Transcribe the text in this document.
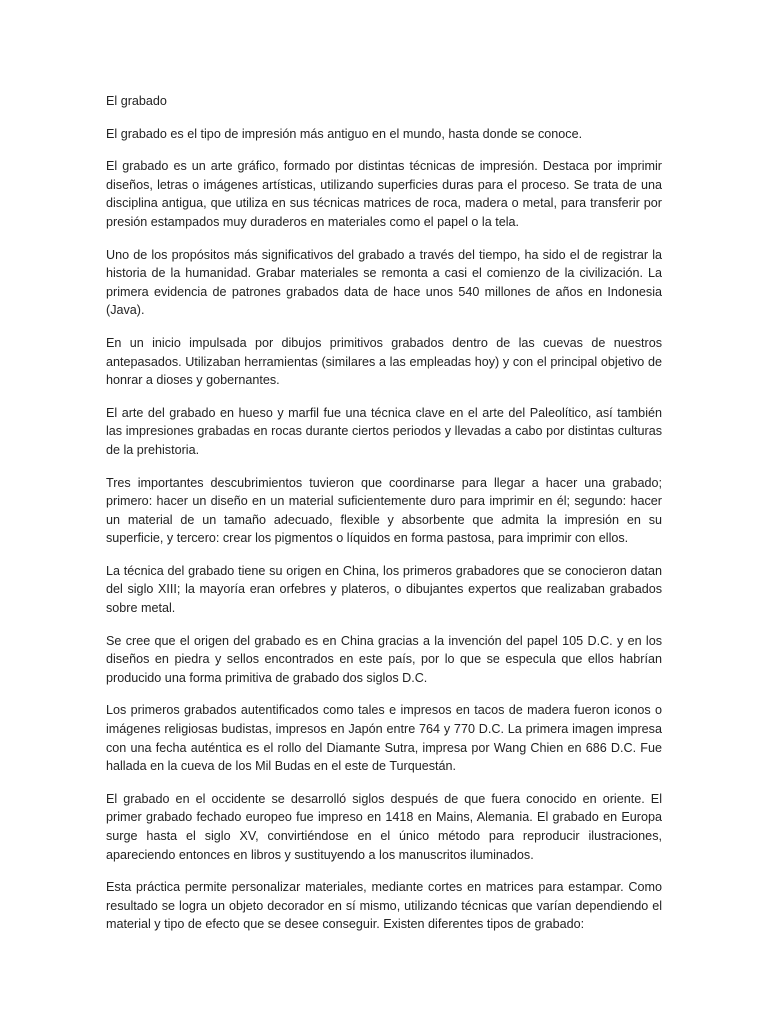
El grabado

El grabado es el tipo de impresión más antiguo en el mundo, hasta donde se conoce.

El grabado es un arte gráfico, formado por distintas técnicas de impresión. Destaca por imprimir diseños, letras o imágenes artísticas, utilizando superficies duras para el proceso. Se trata de una disciplina antigua, que utiliza en sus técnicas matrices de roca, madera o metal, para transferir por presión estampados muy duraderos en materiales como el papel o la tela.

Uno de los propósitos más significativos del grabado a través del tiempo, ha sido el de registrar la historia de la humanidad. Grabar materiales se remonta a casi el comienzo de la civilización. La primera evidencia de patrones grabados data de hace unos 540 millones de años en Indonesia (Java).

En un inicio impulsada por dibujos primitivos grabados dentro de las cuevas de nuestros antepasados. Utilizaban herramientas (similares a las empleadas hoy) y con el principal objetivo de honrar a dioses y gobernantes.

El arte del grabado en hueso y marfil fue una técnica clave en el arte del Paleolítico, así también las impresiones grabadas en rocas durante ciertos periodos y llevadas a cabo por distintas culturas de la prehistoria.

Tres importantes descubrimientos tuvieron que coordinarse para llegar a hacer una grabado; primero: hacer un diseño en un material suficientemente duro para imprimir en él; segundo: hacer un material de un tamaño adecuado, flexible y absorbente que admita la impresión en su superficie, y tercero: crear los pigmentos o líquidos en forma pastosa, para imprimir con ellos.

La técnica del grabado tiene su origen en China, los primeros grabadores que se conocieron datan del siglo XIII; la mayoría eran orfebres y plateros, o dibujantes expertos que realizaban grabados sobre metal.

Se cree que el origen del grabado es en China gracias a la invención del papel 105 D.C. y en los diseños en piedra y sellos encontrados en este país, por lo que se especula que ellos habrían producido una forma primitiva de grabado dos siglos D.C.

Los primeros grabados autentificados como tales e impresos en tacos de madera fueron iconos o imágenes religiosas budistas, impresos en Japón entre 764 y 770 D.C. La primera imagen impresa con una fecha auténtica es el rollo del Diamante Sutra, impresa por Wang Chien en 686 D.C. Fue hallada en la cueva de los Mil Budas en el este de Turquestán.

El grabado en el occidente se desarrolló siglos después de que fuera conocido en oriente. El primer grabado fechado europeo fue impreso en 1418 en Mains, Alemania. El grabado en Europa surge hasta el siglo XV, convirtiéndose en el único método para reproducir ilustraciones, apareciendo entonces en libros y sustituyendo a los manuscritos iluminados.

Esta práctica permite personalizar materiales, mediante cortes en matrices para estampar. Como resultado se logra un objeto decorador en sí mismo, utilizando técnicas que varían dependiendo el material y tipo de efecto que se desee conseguir. Existen diferentes tipos de grabado:
